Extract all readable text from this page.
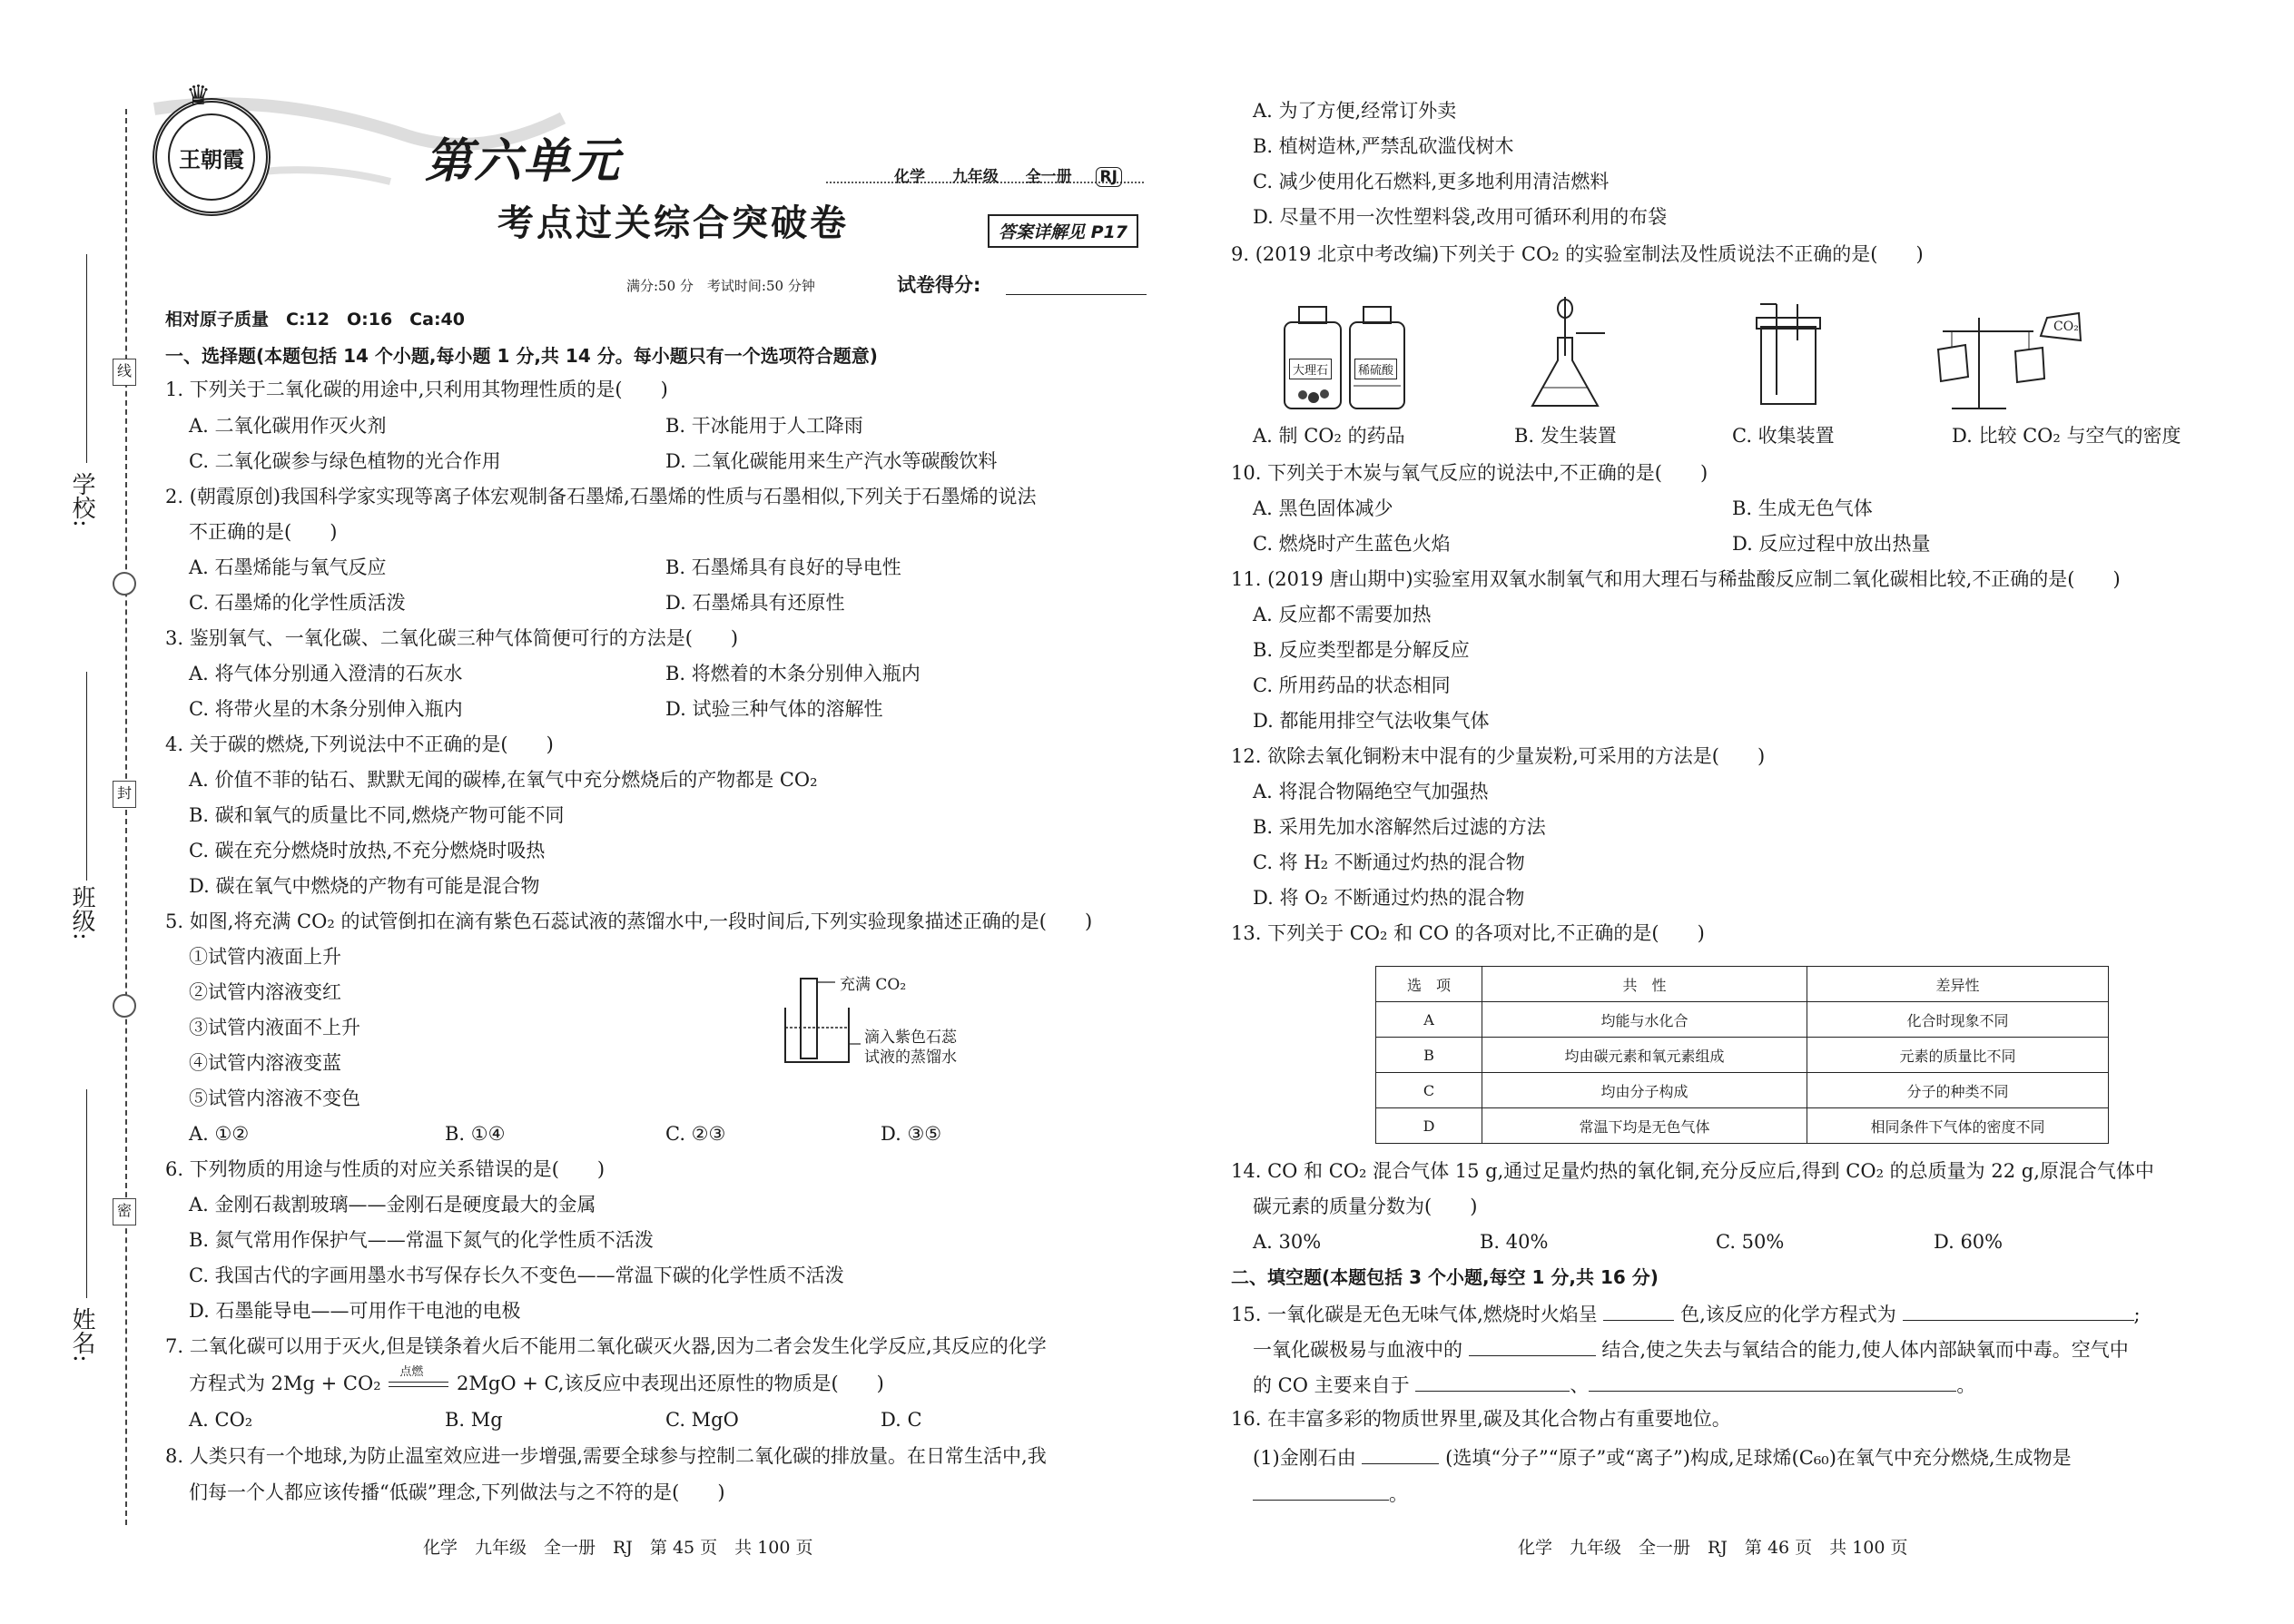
线
封
密
学校:
班级:
姓名:
王朝霞
♛
第六单元
考点过关综合突破卷
化学 九年级 全一册 RJ
答案详解见 P17
满分:50 分　考试时间:50 分钟	试卷得分:
相对原子质量　C:12　O:16　Ca:40
一、选择题(本题包括 14 个小题,每小题 1 分,共 14 分。每小题只有一个选项符合题意)
1. 下列关于二氧化碳的用途中,只利用其物理性质的是(　　)
A. 二氧化碳用作灭火剂	B. 干冰能用于人工降雨
C. 二氧化碳参与绿色植物的光合作用	D. 二氧化碳能用来生产汽水等碳酸饮料
2. (朝霞原创)我国科学家实现等离子体宏观制备石墨烯,石墨烯的性质与石墨相似,下列关于石墨烯的说法
不正确的是(　　)
A. 石墨烯能与氧气反应	B. 石墨烯具有良好的导电性
C. 石墨烯的化学性质活泼	D. 石墨烯具有还原性
3. 鉴别氧气、一氧化碳、二氧化碳三种气体简便可行的方法是(　　)
A. 将气体分别通入澄清的石灰水	B. 将燃着的木条分别伸入瓶内
C. 将带火星的木条分别伸入瓶内	D. 试验三种气体的溶解性
4. 关于碳的燃烧,下列说法中不正确的是(　　)
A. 价值不菲的钻石、默默无闻的碳棒,在氧气中充分燃烧后的产物都是 CO₂
B. 碳和氧气的质量比不同,燃烧产物可能不同
C. 碳在充分燃烧时放热,不充分燃烧时吸热
D. 碳在氧气中燃烧的产物有可能是混合物
5. 如图,将充满 CO₂ 的试管倒扣在滴有紫色石蕊试液的蒸馏水中,一段时间后,下列实验现象描述正确的是(　　)
①试管内液面上升
②试管内溶液变红
③试管内液面不上升
④试管内溶液变蓝
⑤试管内溶液不变色
充满 CO₂
滴入紫色石蕊
试液的蒸馏水
A. ①②	B. ①④	C. ②③	D. ③⑤
6. 下列物质的用途与性质的对应关系错误的是(　　)
A. 金刚石裁割玻璃——金刚石是硬度最大的金属
B. 氮气常用作保护气——常温下氮气的化学性质不活泼
C. 我国古代的字画用墨水书写保存长久不变色——常温下碳的化学性质不活泼
D. 石墨能导电——可用作干电池的电极
7. 二氧化碳可以用于灭火,但是镁条着火后不能用二氧化碳灭火器,因为二者会发生化学反应,其反应的化学
方程式为 2Mg + CO₂
点燃
2MgO + C,该反应中表现出还原性的物质是(　　)
A. CO₂	B. Mg	C. MgO	D. C
8. 人类只有一个地球,为防止温室效应进一步增强,需要全球参与控制二氧化碳的排放量。在日常生活中,我
们每一个人都应该传播“低碳”理念,下列做法与之不符的是(　　)
化学　九年级　全一册　RJ　第 45 页　共 100 页
A. 为了方便,经常订外卖
B. 植树造林,严禁乱砍滥伐树木
C. 减少使用化石燃料,更多地利用清洁燃料
D. 尽量不用一次性塑料袋,改用可循环利用的布袋
9. (2019 北京中考改编)下列关于 CO₂ 的实验室制法及性质说法不正确的是(　　)
大理石	稀硫酸
CO₂
A. 制 CO₂ 的药品	B. 发生装置	C. 收集装置	D. 比较 CO₂ 与空气的密度
10. 下列关于木炭与氧气反应的说法中,不正确的是(　　)
A. 黑色固体减少	B. 生成无色气体
C. 燃烧时产生蓝色火焰	D. 反应过程中放出热量
11. (2019 唐山期中)实验室用双氧水制氧气和用大理石与稀盐酸反应制二氧化碳相比较,不正确的是(　　)
A. 反应都不需要加热
B. 反应类型都是分解反应
C. 所用药品的状态相同
D. 都能用排空气法收集气体
12. 欲除去氧化铜粉末中混有的少量炭粉,可采用的方法是(　　)
A. 将混合物隔绝空气加强热
B. 采用先加水溶解然后过滤的方法
C. 将 H₂ 不断通过灼热的混合物
D. 将 O₂ 不断通过灼热的混合物
13. 下列关于 CO₂ 和 CO 的各项对比,不正确的是(　　)
选　项	共　性	差异性
A	均能与水化合	化合时现象不同
B	均由碳元素和氧元素组成	元素的质量比不同
C	均由分子构成	分子的种类不同
D	常温下均是无色气体	相同条件下气体的密度不同
14. CO 和 CO₂ 混合气体 15 g,通过足量灼热的氧化铜,充分反应后,得到 CO₂ 的总质量为 22 g,原混合气体中
碳元素的质量分数为(　　)
A. 30%	B. 40%	C. 50%	D. 60%
二、填空题(本题包括 3 个小题,每空 1 分,共 16 分)
15. 一氧化碳是无色无味气体,燃烧时火焰呈	色,该反应的化学方程式为	;
一氧化碳极易与血液中的	结合,使之失去与氧结合的能力,使人体内部缺氧而中毒。空气中
的 CO 主要来自于	、	。
16. 在丰富多彩的物质世界里,碳及其化合物占有重要地位。
(1)金刚石由	(选填“分子”“原子”或“离子”)构成,足球烯(C₆₀)在氧气中充分燃烧,生成物是
。
化学　九年级　全一册　RJ　第 46 页　共 100 页
